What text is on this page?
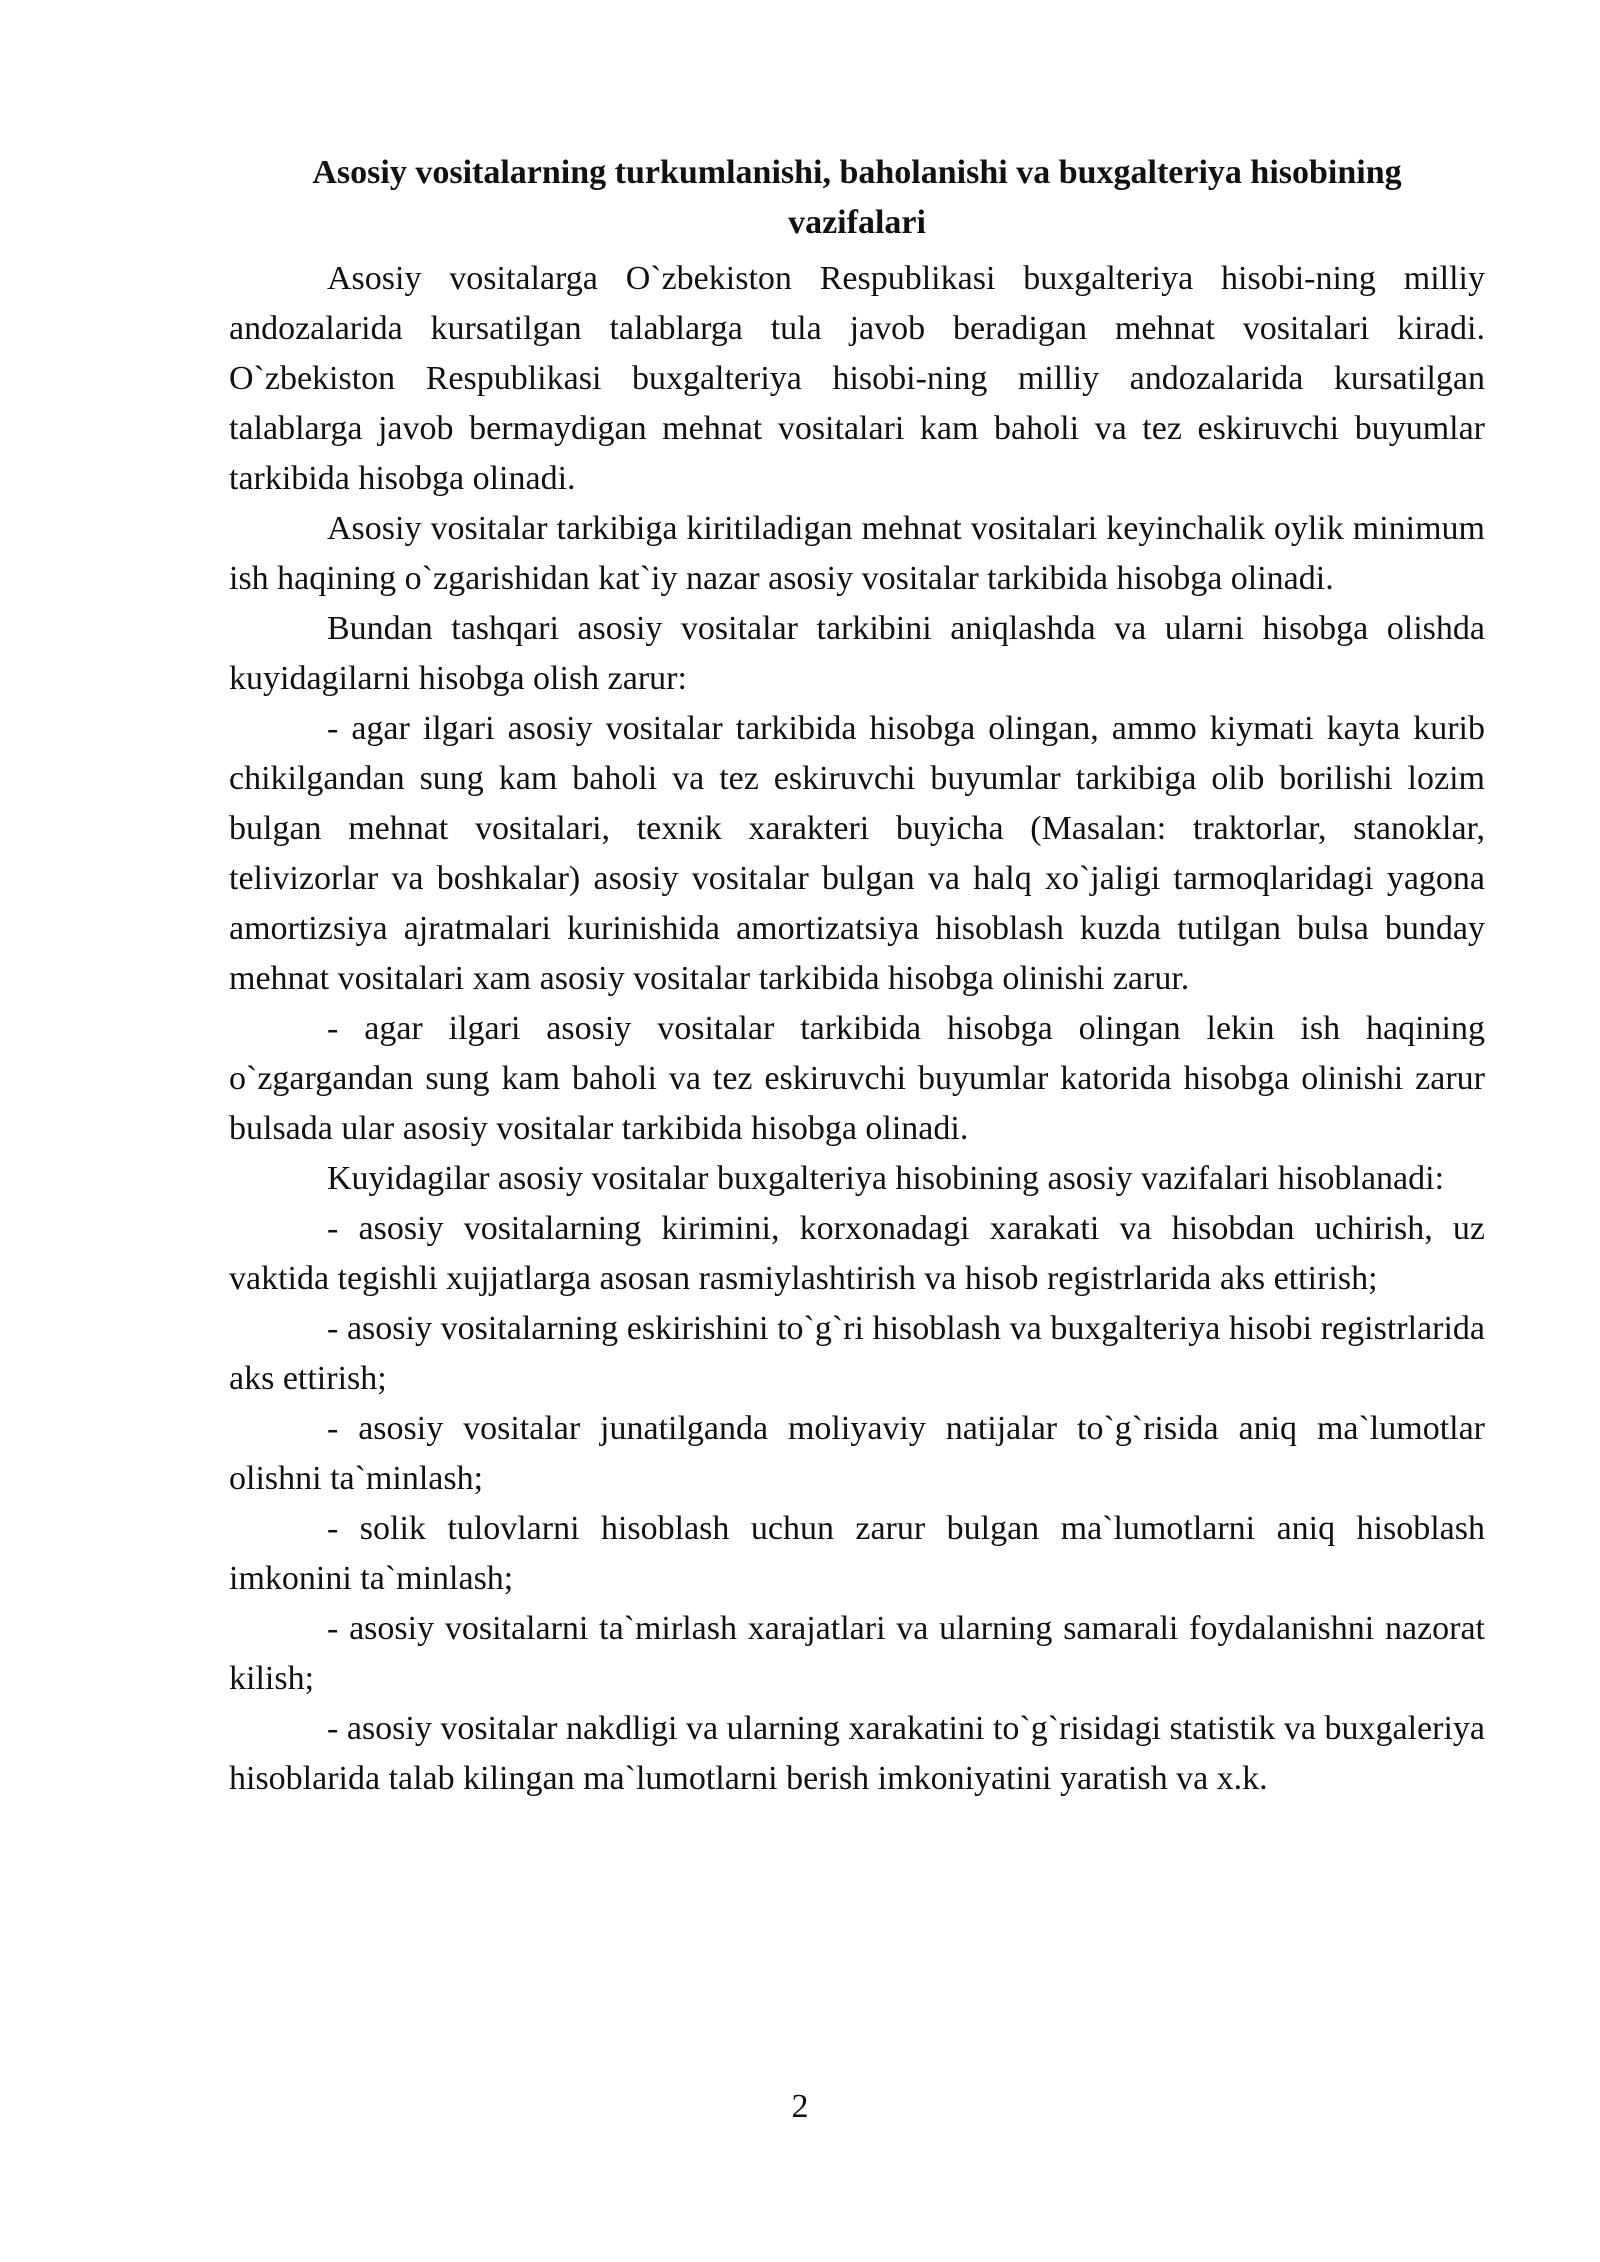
Asosiy vositalarning turkumlanishi, baholanishi va buxgalteriya hisobining
vazifalari

Asosiy vositalarga O`zbekiston Respublikasi buxgalteriya hisobi-ning milliy andozalarida kursatilgan talablarga tula javob beradigan mehnat vositalari kiradi. O`zbekiston Respublikasi buxgalteriya hisobi-ning milliy andozalarida kursatilgan talablarga javob bermaydigan mehnat vositalari kam baholi va tez eskiruvchi buyumlar tarkibida hisobga olinadi.

Asosiy vositalar tarkibiga kiritiladigan mehnat vositalari keyinchalik oylik minimum ish haqining o`zgarishidan kat`iy nazar asosiy vositalar tarkibida hisobga olinadi.

Bundan tashqari asosiy vositalar tarkibini aniqlashda va ularni hisobga olishda kuyidagilarni hisobga olish zarur:

- agar ilgari asosiy vositalar tarkibida hisobga olingan, ammo kiymati kayta kurib chikilgandan sung kam baholi va tez eskiruvchi buyumlar tarkibiga olib borilishi lozim bulgan mehnat vositalari, texnik xarakteri buyicha (Masalan: traktorlar, stanoklar, telivizorlar va boshkalar) asosiy vositalar bulgan va halq xo`jaligi tarmoqlaridagi yagona amortizsiya ajratmalari kurinishida amortizatsiya hisoblash kuzda tutilgan bulsa bunday mehnat vositalari xam asosiy vositalar tarkibida hisobga olinishi zarur.

- agar ilgari asosiy vositalar tarkibida hisobga olingan lekin ish haqining o`zgargandan sung kam baholi va tez eskiruvchi buyumlar katorida hisobga olinishi zarur bulsada ular asosiy vositalar tarkibida hisobga olinadi.

Kuyidagilar asosiy vositalar buxgalteriya hisobining asosiy vazifalari hisoblanadi:

- asosiy vositalarning kirimini, korxonadagi xarakati va hisobdan uchirish, uz vaktida tegishli xujjatlarga asosan rasmiylashtirish va hisob registrlarida aks ettirish;

- asosiy vositalarning eskirishini to`g`ri hisoblash va buxgalteriya hisobi registrlarida aks ettirish;

- asosiy vositalar junatilganda moliyaviy natijalar to`g`risida aniq ma`lumotlar olishni ta`minlash;

- solik tulovlarni hisoblash uchun zarur bulgan ma`lumotlarni aniq hisoblash imkonini ta`minlash;

- asosiy vositalarni ta`mirlash xarajatlari va ularning samarali foydalanishni nazorat kilish;

- asosiy vositalar nakdligi va ularning xarakatini to`g`risidagi statistik va buxgaleriya hisoblarida talab kilingan ma`lumotlarni berish imkoniyatini yaratish va x.k.

2
